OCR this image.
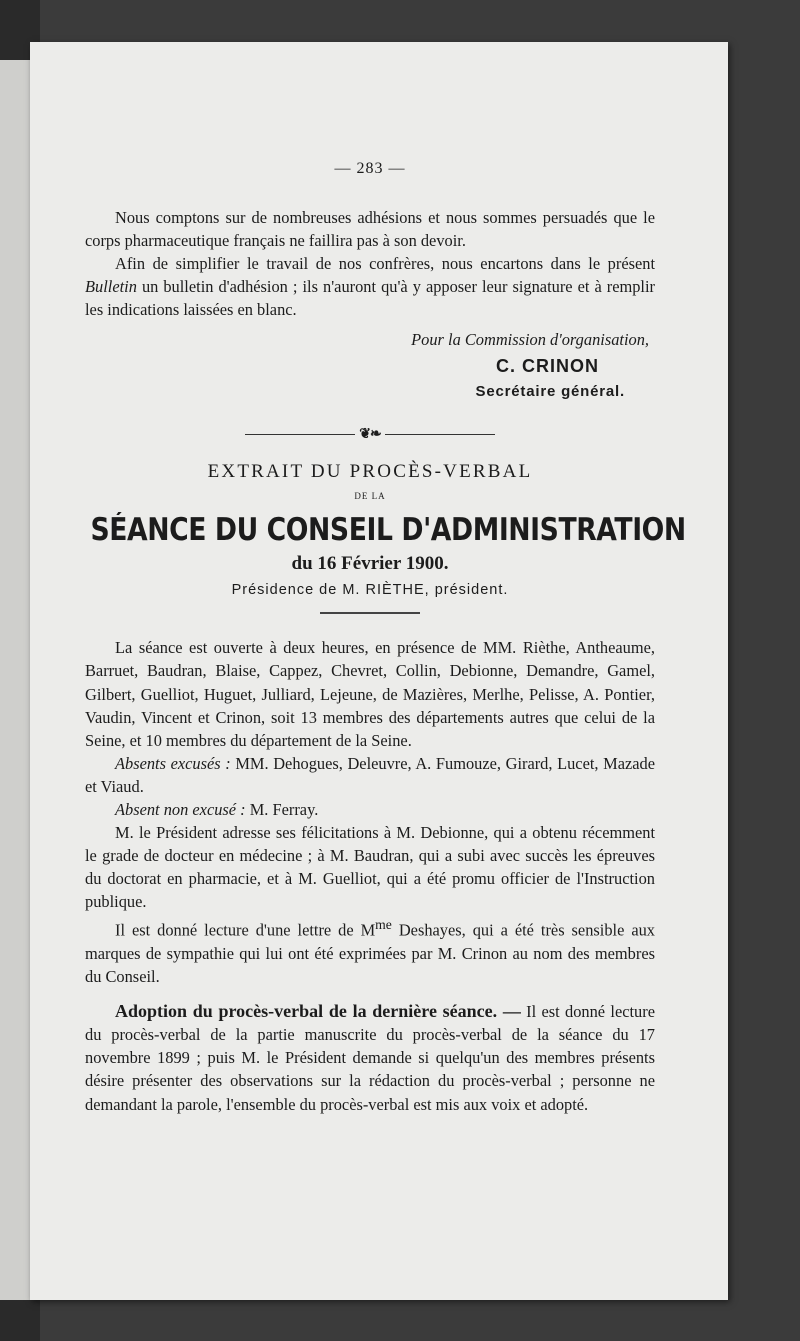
— 283 —

Nous comptons sur de nombreuses adhésions et nous sommes persuadés que le corps pharmaceutique français ne faillira pas à son devoir.

Afin de simplifier le travail de nos confrères, nous encartons dans le présent Bulletin un bulletin d'adhésion ; ils n'auront qu'à y apposer leur signature et à remplir les indications laissées en blanc.

Pour la Commission d'organisation,
C. CRINON
Secrétaire général.
❦❧
EXTRAIT DU PROCÈS-VERBAL
DE LA
SÉANCE DU CONSEIL D'ADMINISTRATION
du 16 Février 1900.
Présidence de M. RIÈTHE, président.

La séance est ouverte à deux heures, en présence de MM. Rièthe, Antheaume, Barruet, Baudran, Blaise, Cappez, Chevret, Collin, Debionne, Demandre, Gamel, Gilbert, Guelliot, Huguet, Julliard, Lejeune, de Mazières, Merlhe, Pelisse, A. Pontier, Vaudin, Vincent et Crinon, soit 13 membres des départements autres que celui de la Seine, et 10 membres du département de la Seine.

Absents excusés : MM. Dehogues, Deleuvre, A. Fumouze, Girard, Lucet, Mazade et Viaud.

Absent non excusé : M. Ferray.

M. le Président adresse ses félicitations à M. Debionne, qui a obtenu récemment le grade de docteur en médecine ; à M. Baudran, qui a subi avec succès les épreuves du doctorat en pharmacie, et à M. Guelliot, qui a été promu officier de l'Instruction publique.

Il est donné lecture d'une lettre de $M^{me}$ Deshayes, qui a été très sensible aux marques de sympathie qui lui ont été exprimées par M. Crinon au nom des membres du Conseil.

Adoption du procès-verbal de la dernière séance. — Il est donné lecture du procès-verbal de la partie manuscrite du procès-verbal de la séance du 17 novembre 1899 ; puis M. le Président demande si quelqu'un des membres présents désire présenter des observations sur la rédaction du procès-verbal ; personne ne demandant la parole, l'ensemble du procès-verbal est mis aux voix et adopté.
